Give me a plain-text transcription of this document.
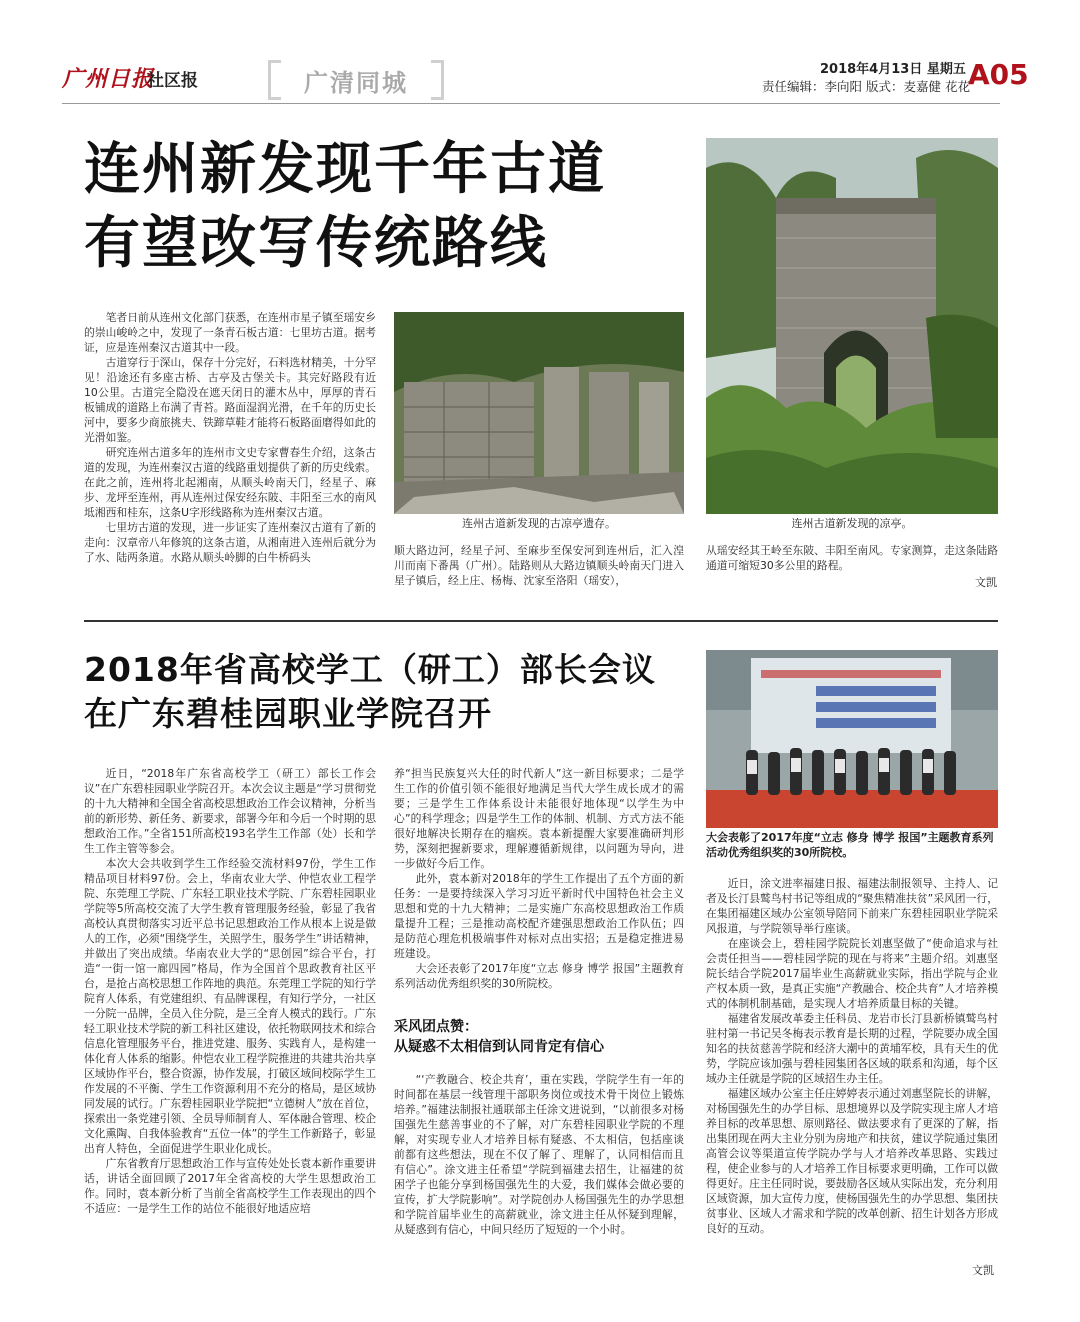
广州日报
社区报	广清同城	2018年4月13日 星期五
责任编辑：李向阳 版式：麦嘉健 花花
A05
连州新发现千年古道
有望改写传统路线
连州古道新发现的凉亭。
连州古道新发现的古凉亭遗存。

笔者日前从连州文化部门获悉，在连州市星子镇至瑶安乡的崇山峻岭之中，发现了一条青石板古道：七里坊古道。据考证，应是连州秦汉古道其中一段。

古道穿行于深山，保存十分完好，石料选材精美，十分罕见！沿途还有多座古桥、古亭及古堡关卡。其完好路段有近10公里。古道完全隐没在遮天闭日的灌木丛中，厚厚的青石板铺成的道路上布满了青苔。路面湿润光滑，在千年的历史长河中，要多少商旅挑夫、铁蹄草鞋才能将石板路面磨得如此的光滑如鉴。

研究连州古道多年的连州市文史专家曹春生介绍，这条古道的发现，为连州秦汉古道的线路重划提供了新的历史线索。在此之前，连州将北起湘南，从顺头岭南天门，经星子、麻步、龙坪至连州，再从连州过保安经东陂、丰阳至三水的南风坻湘西和桂东，这条U字形线路称为连州秦汉古道。

七里坊古道的发现，进一步证实了连州秦汉古道有了新的走向：汉章帝八年修筑的这条古道，从湘南进入连州后就分为了水、陆两条道。水路从顺头岭脚的白牛桥码头

顺大路边河，经星子河、至麻步至保安河到连州后，汇入湟川而南下番禺（广州）。陆路则从大路边镇顺头岭南天门进入星子镇后，经上庄、杨梅、沈家至洛阳（瑶安），

从瑶安经其王岭至东陂、丰阳至南风。专家测算，走这条陆路通道可缩短30多公里的路程。

文凯
2018年省高校学工（研工）部长会议
在广东碧桂园职业学院召开
大会表彰了2017年度“立志 修身 博学 报国”主题教育系列活动优秀组织奖的30所院校。

近日，“2018年广东省高校学工（研工）部长工作会议”在广东碧桂园职业学院召开。本次会议主题是“学习贯彻党的十九大精神和全国全省高校思想政治工作会议精神，分析当前的新形势、新任务、新要求，部署今年和今后一个时期的思想政治工作。”全省151所高校193名学生工作部（处）长和学生工作主管等参会。

本次大会共收到学生工作经验交流材料97份，学生工作精品项目材料97份。会上，华南农业大学、仲恺农业工程学院、东莞理工学院、广东轻工职业技术学院、广东碧桂园职业学院等5所高校交流了大学生教育管理服务经验，彰显了我省高校认真贯彻落实习近平总书记思想政治工作从根本上说是做人的工作，必须“围绕学生，关照学生，服务学生”讲话精神，并做出了突出成绩。华南农业大学的“思创园”综合平台，打造“一街一馆一廊四园”格局，作为全国首个思政教育社区平台，是抢占高校思想工作阵地的典范。东莞理工学院的知行学院育人体系，有党建组织、有品牌课程，有知行学分，一社区一分院一品牌，全员入住分院，是三全育人模式的践行。广东轻工职业技术学院的新工科社区建设，依托物联网技术和综合信息化管理服务平台，推进党建、服务、实践育人，是构建一体化育人体系的缩影。仲恺农业工程学院推进的共建共治共享区域协作平台，整合资源，协作发展，打破区域间校际学生工作发展的不平衡、学生工作资源利用不充分的格局，是区域协同发展的试行。广东碧桂园职业学院把“立德树人”放在首位，探索出一条党建引领、全员导师制育人、军体融合管理、校企文化熏陶、自我体验教育“五位一体”的学生工作新路子，彰显出育人特色，全面促进学生职业化成长。

广东省教育厅思想政治工作与宣传处处长袁本新作重要讲话，讲话全面回顾了2017年全省高校的大学生思想政治工作。同时，袁本新分析了当前全省高校学生工作表现出的四个不适应：一是学生工作的站位不能很好地适应培

养“担当民族复兴大任的时代新人”这一新目标要求；二是学生工作的价值引领不能很好地满足当代大学生成长成才的需要；三是学生工作体系设计未能很好地体现“以学生为中心”的科学理念；四是学生工作的体制、机制、方式方法不能很好地解决长期存在的痼疾。袁本新提醒大家要准确研判形势，深刻把握新要求，理解遵循新规律，以问题为导向，进一步做好今后工作。

此外，袁本新对2018年的学生工作提出了五个方面的新任务：一是要持续深入学习习近平新时代中国特色社会主义思想和党的十九大精神；二是实施广东高校思想政治工作质量提升工程；三是推动高校配齐建强思想政治工作队伍；四是防范心理危机极端事件对标对点出实招；五是稳定推进易班建设。

大会还表彰了2017年度“立志 修身 博学 报国”主题教育系列活动优秀组织奖的30所院校。

采风团点赞：
从疑惑不太相信到认同肯定有信心

“‘产教融合、校企共育’，重在实践，学院学生有一年的时间都在基层一线管理干部职务岗位或技术骨干岗位上锻炼培养。”福建法制报社通联部主任涂文进说到，“以前很多对杨国强先生慈善事业的不了解，对广东碧桂园职业学院的不理解，对实现专业人才培养目标有疑惑、不太相信，包括座谈前都有这些想法，现在不仅了解了、理解了，认同相信而且有信心”。涂文进主任希望“学院到福建去招生，让福建的贫困学子也能分享到杨国强先生的大爱，我们媒体会做必要的宣传，扩大学院影响”。对学院创办人杨国强先生的办学思想和学院首届毕业生的高薪就业，涂文进主任从怀疑到理解，从疑惑到有信心，中间只经历了短短的一个小时。

近日，涂文进率福建日报、福建法制报领导、主持人、记者及长汀县鹫鸟村书记等组成的“聚焦精准扶贫”采风团一行，在集团福建区域办公室领导陪同下前来广东碧桂园职业学院采风报道，与学院领导举行座谈。

在座谈会上，碧桂园学院院长刘惠坚做了“使命追求与社会责任担当——碧桂园学院的现在与将来”主题介绍。刘惠坚院长结合学院2017届毕业生高薪就业实际，指出学院与企业产权本质一致，是真正实施“产教融合、校企共育”人才培养模式的体制机制基础，是实现人才培养质量目标的关键。

福建省发展改革委主任科员、龙岩市长汀县新桥镇鹫鸟村驻村第一书记吴冬梅表示教育是长期的过程，学院要办成全国知名的扶贫慈善学院和经济大潮中的黄埔军校，具有天生的优势，学院应该加强与碧桂园集团各区域的联系和沟通，每个区域办主任就是学院的区域招生办主任。

福建区域办公室主任庄婷婷表示通过刘惠坚院长的讲解，对杨国强先生的办学目标、思想境界以及学院实现主席人才培养目标的改革思想、原则路径、做法要求有了更深的了解，指出集团现在两大主业分别为房地产和扶贫，建议学院通过集团高管会议等渠道宣传学院办学与人才培养改革思路、实践过程，使企业参与的人才培养工作目标要求更明确，工作可以做得更好。庄主任同时说，要鼓励各区域从实际出发，充分利用区域资源，加大宣传力度，使杨国强先生的办学思想、集团扶贫事业、区域人才需求和学院的改革创新、招生计划各方形成良好的互动。

文凯
